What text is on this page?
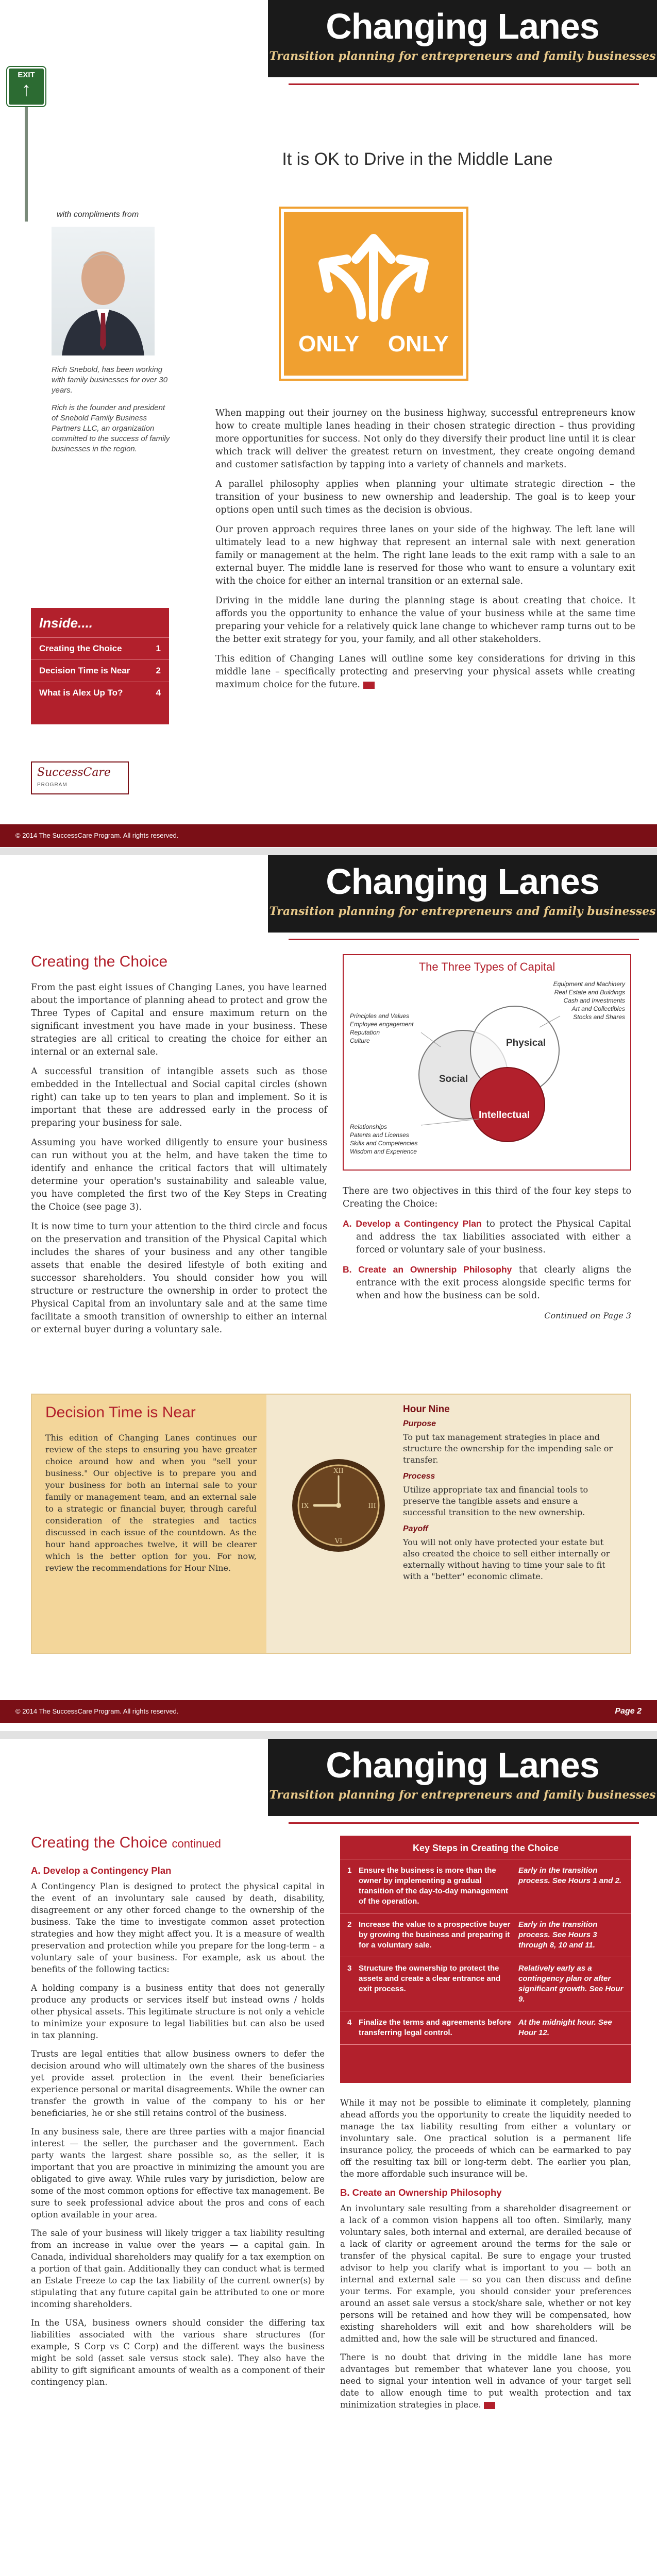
EXIT
↑
Changing Lanes
Transition planning for entrepreneurs and family businesses
It is OK to Drive in the Middle Lane
with compliments from

Rich Snebold, has been working with family businesses for over 30 years.

Rich is the founder and president of Snebold Family Business Partners LLC, an organization committed to the success of family businesses in the region.

ONLY ONLY

When mapping out their journey on the business highway, successful entrepreneurs know how to create multiple lanes heading in their chosen strategic direction – thus providing more opportunities for success. Not only do they diversify their product line until it is clear which track will deliver the greatest return on investment, they create ongoing demand and customer satisfaction by tapping into a variety of channels and markets.

A parallel philosophy applies when planning your ultimate strategic direction – the transition of your business to new ownership and leadership. The goal is to keep your options open until such times as the decision is obvious.

Our proven approach requires three lanes on your side of the highway. The left lane will ultimately lead to a new highway that represent an internal sale with next generation family or management at the helm. The right lane leads to the exit ramp with a sale to an external buyer. The middle lane is reserved for those who want to ensure a voluntary exit with the choice for either an internal transition or an external sale.

Driving in the middle lane during the planning stage is about creating that choice. It affords you the opportunity to enhance the value of your business while at the same time preparing your vehicle for a relatively quick lane change to whichever ramp turns out to be the better exit strategy for you, your family, and all other stakeholders.

This edition of Changing Lanes will outline some key considerations for driving in this middle lane – specifically protecting and preserving your physical assets while creating maximum choice for the future.

Inside....
Creating the Choice	1
Decision Time is Near	2
What is Alex Up To?	4
SuccessCare
PROGRAM
© 2014 The SuccessCare Program. All rights reserved.
Changing Lanes
Transition planning for entrepreneurs and family businesses
Creating the Choice

From the past eight issues of Changing Lanes, you have learned about the importance of planning ahead to protect and grow the Three Types of Capital and ensure maximum return on the significant investment you have made in your business. These strategies are all critical to creating the choice for either an internal or an external sale.

A successful transition of intangible assets such as those embedded in the Intellectual and Social capital circles (shown right) can take up to ten years to plan and implement. So it is important that these are addressed early in the process of preparing your business for sale.

Assuming you have worked diligently to ensure your business can run without you at the helm, and have taken the time to identify and enhance the critical factors that will ultimately determine your operation's sustainability and saleable value, you have completed the first two of the Key Steps in Creating the Choice (see page 3).

It is now time to turn your attention to the third circle and focus on the preservation and transition of the Physical Capital which includes the shares of your business and any other tangible assets that enable the desired lifestyle of both exiting and successor shareholders. You should consider how you will structure or restructure the ownership in order to protect the Physical Capital from an involuntary sale and at the same time facilitate a smooth transition of ownership to either an internal or external buyer during a voluntary sale.

The Three Types of Capital
Social
Physical
Intellectual
Principles and Values
Employee engagement
Reputation
Culture
Equipment and Machinery
Real Estate and Buildings
Cash and Investments
Art and Collectibles
Stocks and Shares
Relationships
Patents and Licenses
Skills and Competencies
Wisdom and Experience

There are two objectives in this third of the four key steps to Creating the Choice:

A. Develop a Contingency Plan to protect the Physical Capital and address the tax liabilities associated with either a forced or voluntary sale of your business.

B. Create an Ownership Philosophy that clearly aligns the entrance with the exit process alongside specific terms for when and how the business can be sold.

Continued on Page 3

Decision Time is Near
This edition of Changing Lanes continues our review of the steps to ensuring you have greater choice around how and when you "sell your business." Our objective is to prepare you and your business for both an internal sale to your family or management team, and an external sale to a strategic or financial buyer, through careful consideration of the strategies and tactics discussed in each issue of the countdown. As the hour hand approaches twelve, it will be clearer which is the better option for you. For now, review the recommendations for Hour Nine.
XII
III
VI
IX
Hour Nine
Purpose

To put tax management strategies in place and structure the ownership for the impending sale or transfer.

Process

Utilize appropriate tax and financial tools to preserve the tangible assets and ensure a successful transition to the new ownership.

Payoff

You will not only have protected your estate but also created the choice to sell either internally or externally without having to time your sale to fit with a "better" economic climate.

© 2014 The SuccessCare Program. All rights reserved.	Page 2
Changing Lanes
Transition planning for entrepreneurs and family businesses
Creating the Choice continued
A. Develop a Contingency Plan

A Contingency Plan is designed to protect the physical capital in the event of an involuntary sale caused by death, disability, disagreement or any other forced change to the ownership of the business. Take the time to investigate common asset protection strategies and how they might affect you. It is a measure of wealth preservation and protection while you prepare for the long-term – a voluntary sale of your business. For example, ask us about the benefits of the following tactics:

A holding company is a business entity that does not generally produce any products or services itself but instead owns / holds other physical assets. This legitimate structure is not only a vehicle to minimize your exposure to legal liabilities but can also be used in tax planning.

Trusts are legal entities that allow business owners to defer the decision around who will ultimately own the shares of the business yet provide asset protection in the event their beneficiaries experience personal or marital disagreements. While the owner can transfer the growth in value of the company to his or her beneficiaries, he or she still retains control of the business.

In any business sale, there are three parties with a major financial interest — the seller, the purchaser and the government. Each party wants the largest share possible so, as the seller, it is important that you are proactive in minimizing the amount you are obligated to give away. While rules vary by jurisdiction, below are some of the most common options for effective tax management. Be sure to seek professional advice about the pros and cons of each option available in your area.

The sale of your business will likely trigger a tax liability resulting from an increase in value over the years — a capital gain. In Canada, individual shareholders may qualify for a tax exemption on a portion of that gain. Additionally they can conduct what is termed an Estate Freeze to cap the tax liability of the current owner(s) by stipulating that any future capital gain be attributed to one or more incoming shareholders.

In the USA, business owners should consider the differing tax liabilities associated with the various share structures (for example, S Corp vs C Corp) and the different ways the business might be sold (asset sale versus stock sale). They also have the ability to gift significant amounts of wealth as a component of their contingency plan.

Key Steps in Creating the Choice
1 Ensure the business is more than the owner by implementing a gradual transition of the day-to-day management of the operation.
Early in the transition process. See Hours 1 and 2.
2 Increase the value to a prospective buyer by growing the business and preparing it for a voluntary sale.
Early in the transition process. See Hours 3 through 8, 10 and 11.
3 Structure the ownership to protect the assets and create a clear entrance and exit process.
Relatively early as a contingency plan or after significant growth. See Hour 9.
4 Finalize the terms and agreements before transferring legal control.
At the midnight hour. See Hour 12.

While it may not be possible to eliminate it completely, planning ahead affords you the opportunity to create the liquidity needed to manage the tax liability resulting from either a voluntary or involuntary sale. One practical solution is a permanent life insurance policy, the proceeds of which can be earmarked to pay off the resulting tax bill or long-term debt. The earlier you plan, the more affordable such insurance will be.

B. Create an Ownership Philosophy

An involuntary sale resulting from a shareholder disagreement or a lack of a common vision happens all too often. Similarly, many voluntary sales, both internal and external, are derailed because of a lack of clarity or agreement around the terms for the sale or transfer of the physical capital. Be sure to engage your trusted advisor to help you clarify what is important to you — both an internal and external sale — so you can then discuss and define your terms. For example, you should consider your preferences around an asset sale versus a stock/share sale, whether or not key persons will be retained and how they will be compensated, how existing shareholders will exit and how shareholders will be admitted and, how the sale will be structured and financed.

There is no doubt that driving in the middle lane has more advantages but remember that whatever lane you choose, you need to signal your intention well in advance of your target sell date to allow enough time to put wealth protection and tax minimization strategies in place.
